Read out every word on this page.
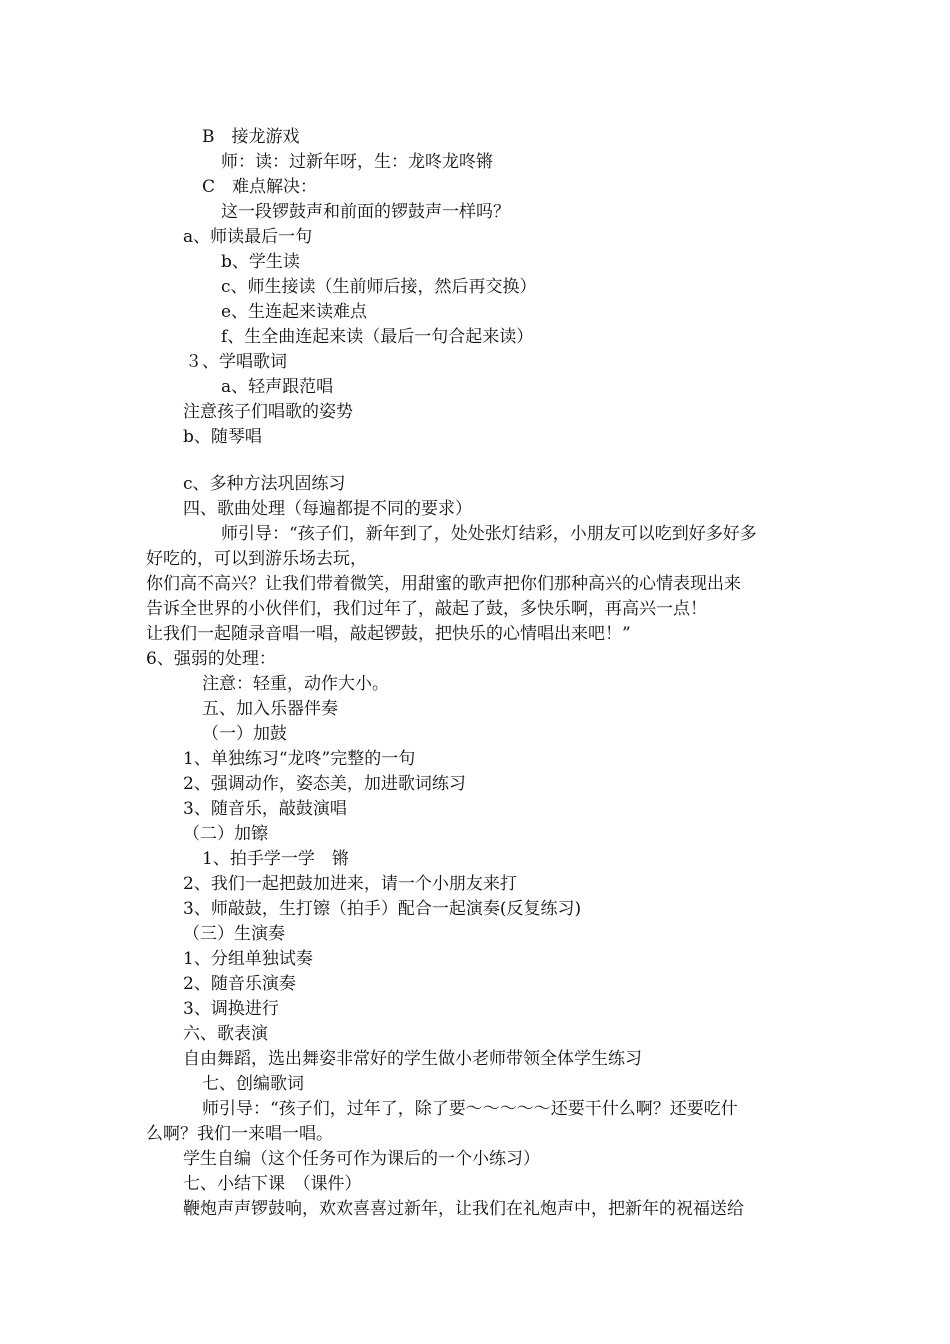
B　接龙游戏
师：读：过新年呀，生：龙咚龙咚锵
C　难点解决：
这一段锣鼓声和前面的锣鼓声一样吗？
a、师读最后一句
b、学生读
c、师生接读（生前师后接，然后再交换）
e、生连起来读难点
f、生全曲连起来读（最后一句合起来读）
３、学唱歌词
a、轻声跟范唱
注意孩子们唱歌的姿势
b、随琴唱
c、多种方法巩固练习
四、歌曲处理（每遍都提不同的要求）
师引导：“孩子们，新年到了，处处张灯结彩，小朋友可以吃到好多好多
好吃的，可以到游乐场去玩，
你们高不高兴？让我们带着微笑，用甜蜜的歌声把你们那种高兴的心情表现出来
告诉全世界的小伙伴们，我们过年了，敲起了鼓，多快乐啊，再高兴一点！
让我们一起随录音唱一唱，敲起锣鼓，把快乐的心情唱出来吧！”
6、强弱的处理：
注意：轻重，动作大小。
五、加入乐器伴奏
（一）加鼓
1、单独练习“龙咚”完整的一句
2、强调动作，姿态美，加进歌词练习
3、随音乐，敲鼓演唱
（二）加镲
1、拍手学一学　锵
2、我们一起把鼓加进来，请一个小朋友来打
3、师敲鼓，生打镲（拍手）配合一起演奏(反复练习)
（三）生演奏
1、分组单独试奏
2、随音乐演奏
3、调换进行
六、歌表演
自由舞蹈，选出舞姿非常好的学生做小老师带领全体学生练习
七、创编歌词
师引导：“孩子们，过年了，除了要～～～～～还要干什么啊？还要吃什
么啊？我们一来唱一唱。
学生自编（这个任务可作为课后的一个小练习）
七、小结下课　（课件）
鞭炮声声锣鼓响，欢欢喜喜过新年，让我们在礼炮声中，把新年的祝福送给
